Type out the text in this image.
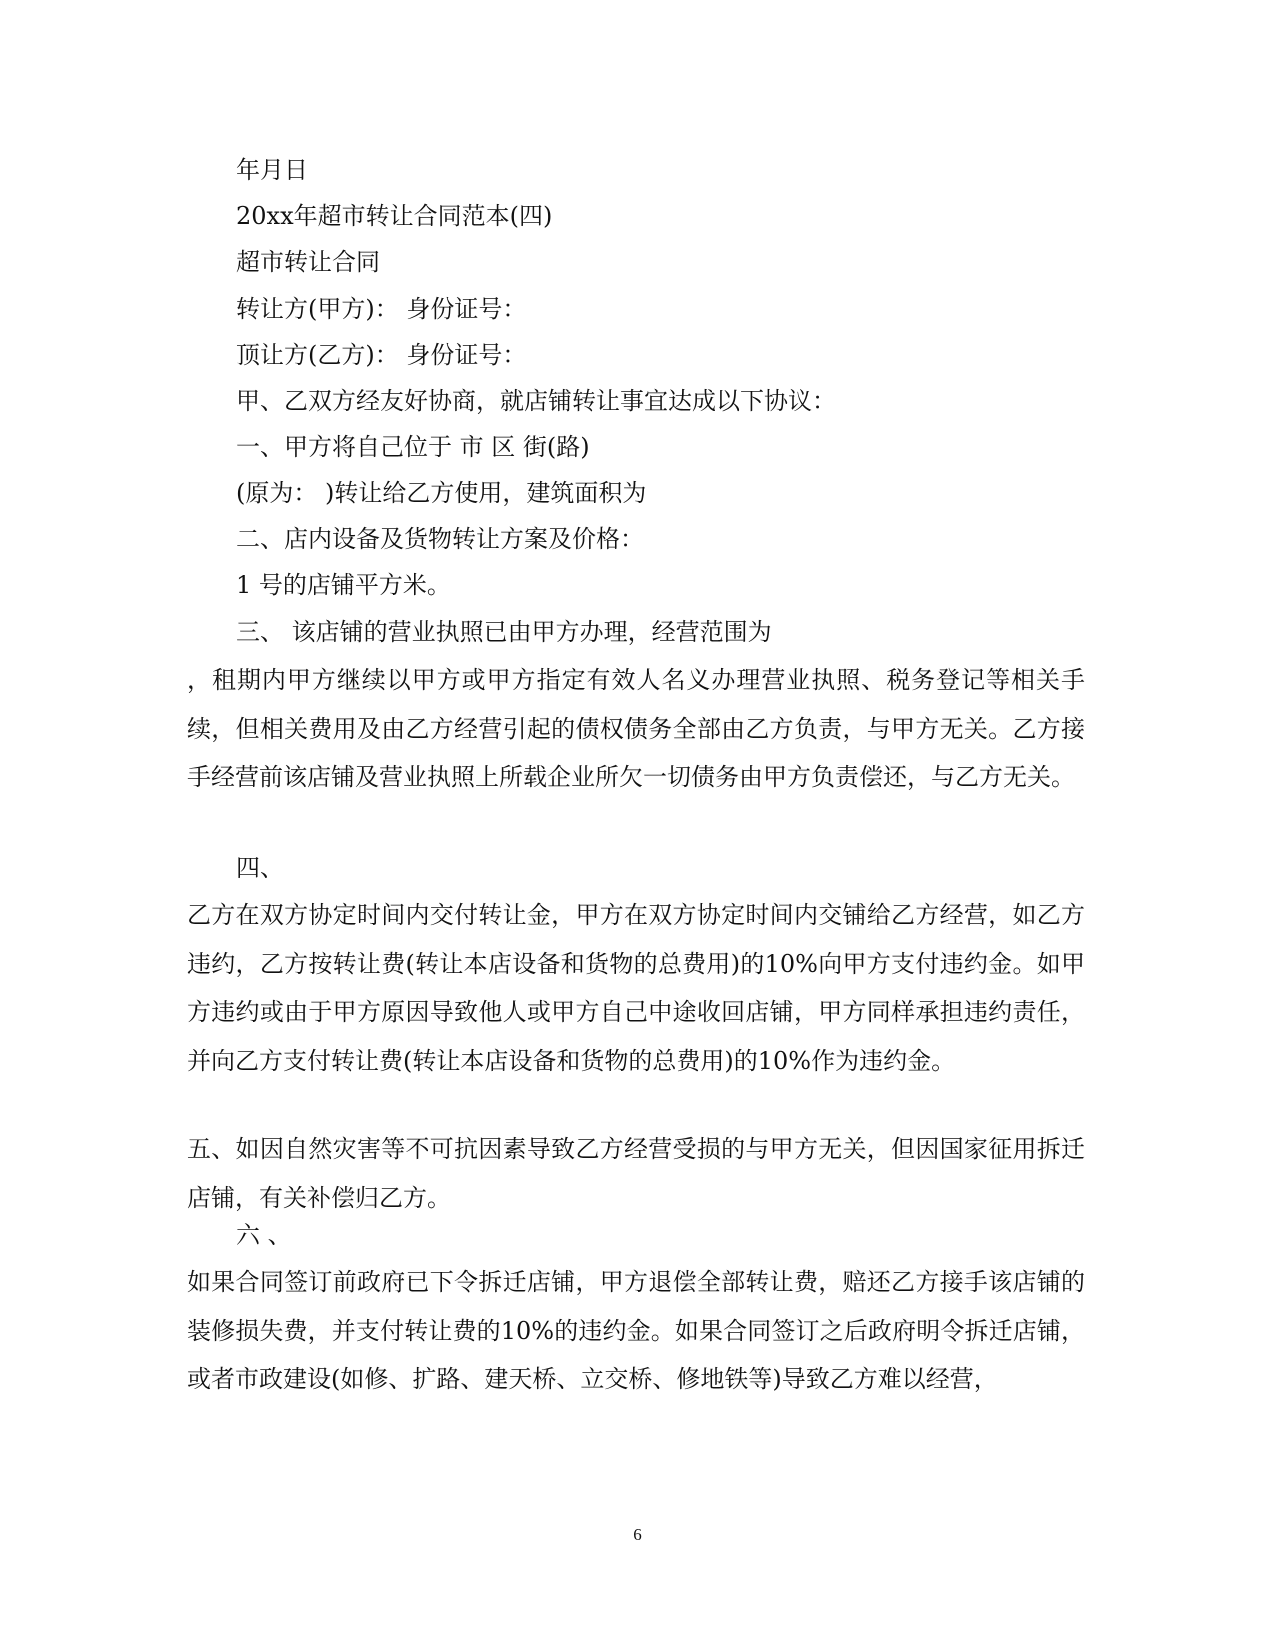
年月日
20xx年超市转让合同范本(四)
超市转让合同
转让方(甲方)： 身份证号：
顶让方(乙方)： 身份证号：
甲、乙双方经友好协商，就店铺转让事宜达成以下协议：
一、甲方将自己位于 市 区 街(路)
(原为： )转让给乙方使用，建筑面积为
二、店内设备及货物转让方案及价格：
1 号的店铺平方米。
三、 该店铺的营业执照已由甲方办理，经营范围为
，租期内甲方继续以甲方或甲方指定有效人名义办理营业执照、税务登记等相关手续，但相关费用及由乙方经营引起的债权债务全部由乙方负责，与甲方无关。乙方接手经营前该店铺及营业执照上所载企业所欠一切债务由甲方负责偿还，与乙方无关。
四、
乙方在双方协定时间内交付转让金，甲方在双方协定时间内交铺给乙方经营，如乙方违约，乙方按转让费(转让本店设备和货物的总费用)的10%向甲方支付违约金。如甲方违约或由于甲方原因导致他人或甲方自己中途收回店铺，甲方同样承担违约责任，并向乙方支付转让费(转让本店设备和货物的总费用)的10%作为违约金。
五、如因自然灾害等不可抗因素导致乙方经营受损的与甲方无关，但因国家征用拆迁店铺，有关补偿归乙方。
六 、
如果合同签订前政府已下令拆迁店铺，甲方退偿全部转让费，赔还乙方接手该店铺的装修损失费，并支付转让费的10%的违约金。如果合同签订之后政府明令拆迁店铺，或者市政建设(如修、扩路、建天桥、立交桥、修地铁等)导致乙方难以经营，
6
